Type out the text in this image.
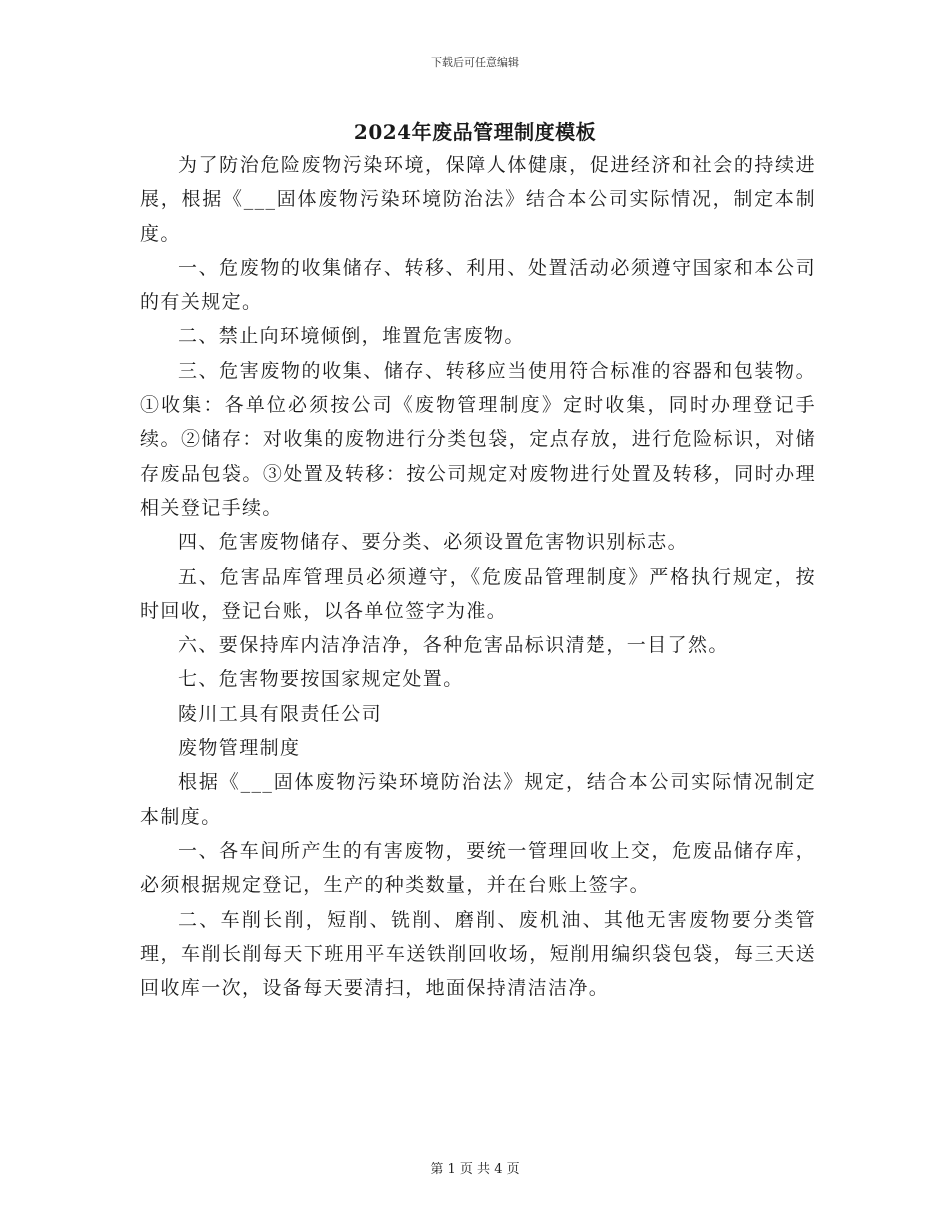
下载后可任意编辑
2024年废品管理制度模板

为了防治危险废物污染环境，保障人体健康，促进经济和社会的持续进展，根据《___固体废物污染环境防治法》结合本公司实际情况，制定本制度。

一、危废物的收集储存、转移、利用、处置活动必须遵守国家和本公司的有关规定。

二、禁止向环境倾倒，堆置危害废物。

三、危害废物的收集、储存、转移应当使用符合标准的容器和包装物。①收集：各单位必须按公司《废物管理制度》定时收集，同时办理登记手续。②储存：对收集的废物进行分类包袋，定点存放，进行危险标识，对储存废品包袋。③处置及转移：按公司规定对废物进行处置及转移，同时办理相关登记手续。

四、危害废物储存、要分类、必须设置危害物识别标志。

五、危害品库管理员必须遵守，《危废品管理制度》严格执行规定，按时回收，登记台账，以各单位签字为准。

六、要保持库内洁净洁净，各种危害品标识清楚，一目了然。

七、危害物要按国家规定处置。

陵川工具有限责任公司

废物管理制度

根据《___固体废物污染环境防治法》规定，结合本公司实际情况制定本制度。

一、各车间所产生的有害废物，要统一管理回收上交，危废品储存库，必须根据规定登记，生产的种类数量，并在台账上签字。

二、车削长削，短削、铣削、磨削、废机油、其他无害废物要分类管理，车削长削每天下班用平车送铁削回收场，短削用编织袋包袋，每三天送回收库一次，设备每天要清扫，地面保持清洁洁净。

第 1 页 共 4 页
